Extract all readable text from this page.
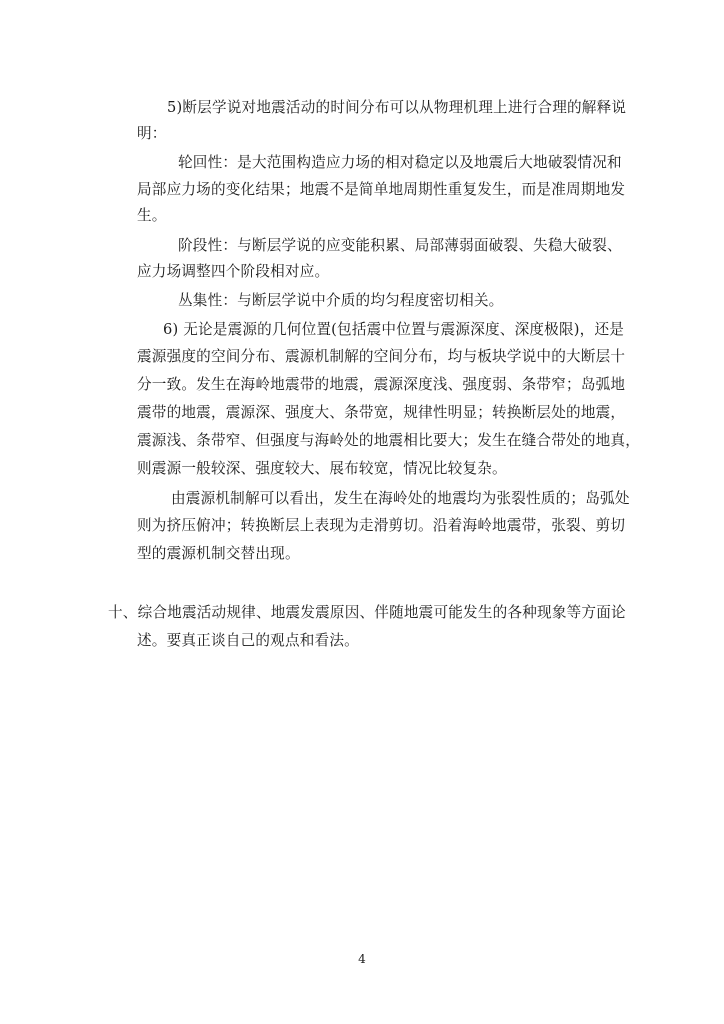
5)断层学说对地震活动的时间分布可以从物理机理上进行合理的解释说
明：
轮回性：是大范围构造应力场的相对稳定以及地震后大地破裂情况和
局部应力场的变化结果；地震不是简单地周期性重复发生，而是准周期地发
生。
阶段性：与断层学说的应变能积累、局部薄弱面破裂、失稳大破裂、
应力场调整四个阶段相对应。
丛集性：与断层学说中介质的均匀程度密切相关。
6) 无论是震源的几何位置(包括震中位置与震源深度、深度极限)，还是
震源强度的空间分布、震源机制解的空间分布，均与板块学说中的大断层十
分一致。发生在海岭地震带的地震，震源深度浅、强度弱、条带窄；岛弧地
震带的地震，震源深、强度大、条带宽，规律性明显；转换断层处的地震，
震源浅、条带窄、但强度与海岭处的地震相比要大；发生在缝合带处的地真，
则震源一般较深、强度较大、展布较宽，情况比较复杂。
由震源机制解可以看出，发生在海岭处的地震均为张裂性质的；岛弧处
则为挤压俯冲；转换断层上表现为走滑剪切。沿着海岭地震带，张裂、剪切
型的震源机制交替出现。
十、综合地震活动规律、地震发震原因、伴随地震可能发生的各种现象等方面论
述。要真正谈自己的观点和看法。
4
